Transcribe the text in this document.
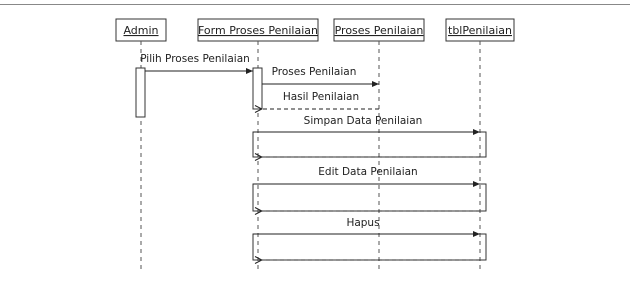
Admin	Form Proses Penilaian Proses Penilaian tblPenilaian
Pilih Proses Penilaian
Proses Penilaian
Hasil Penilaian
Simpan Data Penilaian
Edit Data Penilaian
Hapus
